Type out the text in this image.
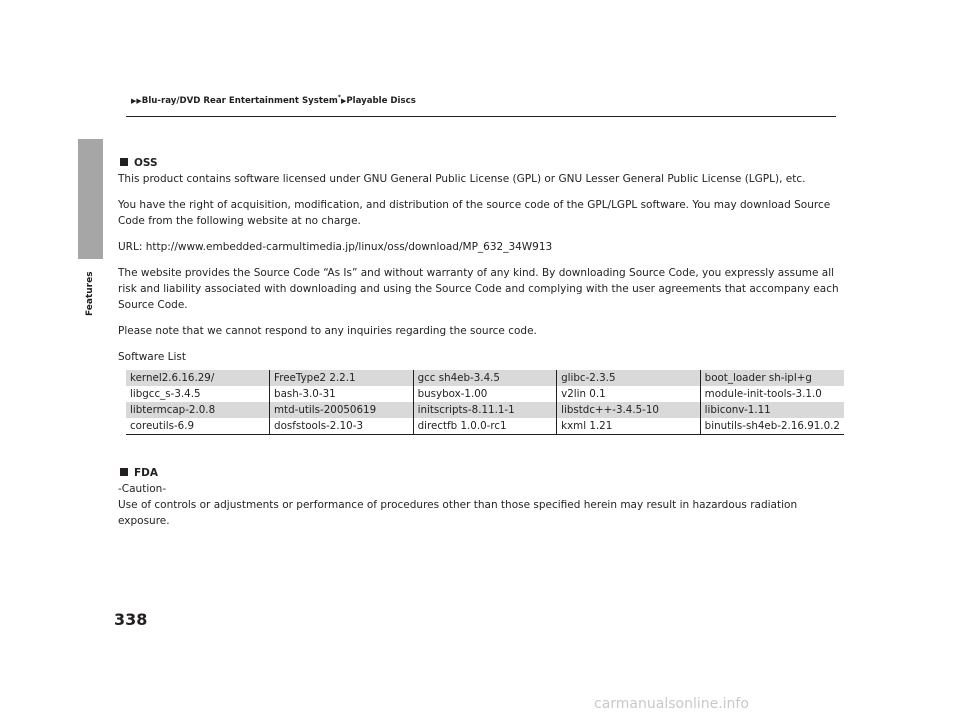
Features
▶▶Blu-ray/DVD Rear Entertainment System*▶Playable Discs
OSS

This product contains software licensed under GNU General Public License (GPL) or GNU Lesser General Public License (LGPL), etc.

You have the right of acquisition, modification, and distribution of the source code of the GPL/LGPL software. You may download Source Code from the following website at no charge.

URL: http://www.embedded-carmultimedia.jp/linux/oss/download/MP_632_34W913

The website provides the Source Code “As Is” and without warranty of any kind. By downloading Source Code, you expressly assume all risk and liability associated with downloading and using the Source Code and complying with the user agreements that accompany each Source Code.

Please note that we cannot respond to any inquiries regarding the source code.

Software List
kernel2.6.16.29/	FreeType2 2.2.1	gcc sh4eb-3.4.5	glibc-2.3.5	boot_loader sh-ipl+g
libgcc_s-3.4.5	bash-3.0-31	busybox-1.00	v2lin 0.1	module-init-tools-3.1.0
libtermcap-2.0.8	mtd-utils-20050619	initscripts-8.11.1-1	libstdc++-3.4.5-10	libiconv-1.11
coreutils-6.9	dosfstools-2.10-3	directfb 1.0.0-rc1	kxml 1.21	binutils-sh4eb-2.16.91.0.2
FDA
-Caution-
Use of controls or adjustments or performance of procedures other than those specified herein may result in hazardous radiation exposure.
338
carmanualsonline.info
